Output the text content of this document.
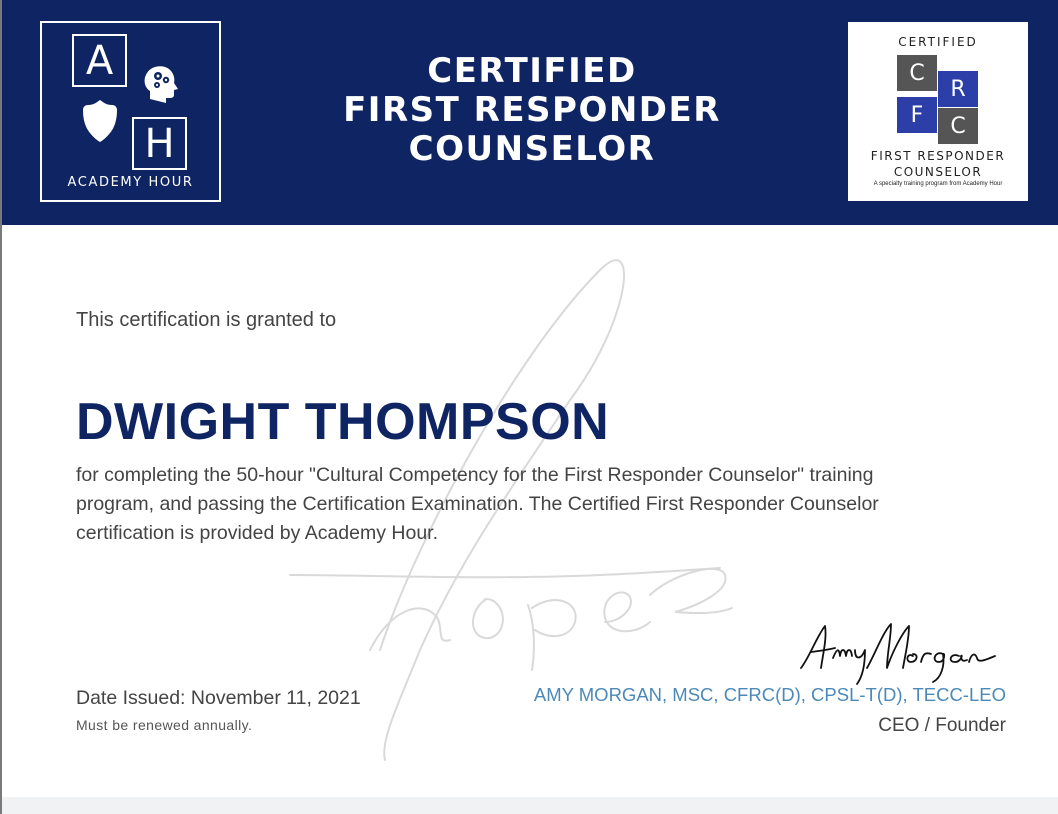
A
H
ACADEMY HOUR
CERTIFIED
FIRST RESPONDER
COUNSELOR
CERTIFIED
C
R
F	C
FIRST RESPONDER
COUNSELOR
A specialty training program from Academy Hour
This certification is granted to
DWIGHT THOMPSON
for completing the 50-hour "Cultural Competency for the First Responder Counselor" training program, and passing the Certification Examination. The Certified First Responder Counselor certification is provided by Academy Hour.
Date Issued: November 11, 2021
Must be renewed annually.
AMY MORGAN, MSC, CFRC(D), CPSL-T(D), TECC-LEO
CEO / Founder
